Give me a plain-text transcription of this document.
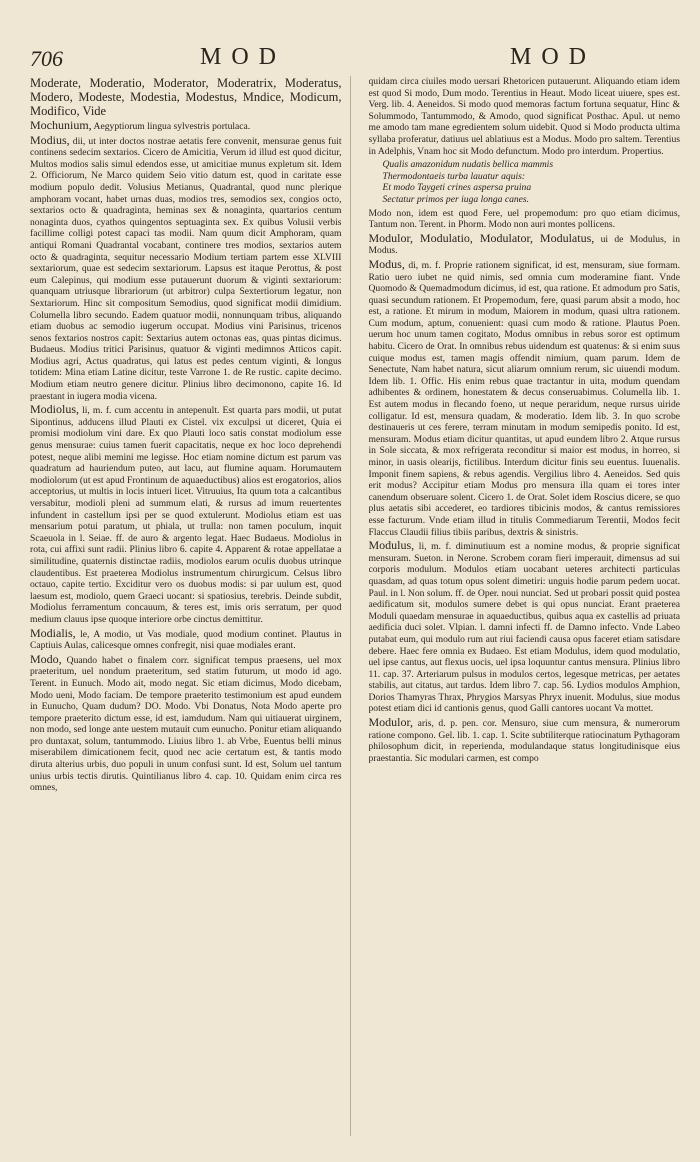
706	MOD	MOD

Moderate, Moderatio, Moderator, Moderatrix, Moderatus, Modero, Modeste, Modestia, Modestus, Mndice, Modicum, Modifico, Vide

Mochunium, Aegyptiorum lingua sylvestris portulaca.

Modius, dii, ut inter doctos nostrae aetatis fere convenit, mensurae genus fuit continens sedecim sextarios. Cicero de Amicitia, Verum id illud est quod dicitur, Multos modios salis simul edendos esse, ut amicitiae munus expletum sit. Idem 2. Officiorum, Ne Marco quidem Seio vitio datum est, quod in caritate esse modium populo dedit. Volusius Metianus, Quadrantal, quod nunc plerique amphoram vocant, habet urnas duas, modios tres, semodios sex, congios octo, sextarios octo & quadraginta, heminas sex & nonaginta, quartarios centum nonaginta duos, cyathos quingentos septuaginta sex. Ex quibus Volusii verbis facillime colligi potest capaci tas modii. Nam quum dicit Amphoram, quam antiqui Romani Quadrantal vocabant, continere tres modios, sextarios autem octo & quadraginta, sequitur necessario Modium tertiam partem esse XLVIII sextariorum, quae est sedecim sextariorum. Lapsus est itaque Perottus, & post eum Calepinus, qui modium esse putauerunt duorum & viginti sextariorum: quanquam utriusque librariorum (ut arbitror) culpa Sextertiorum legatur, non Sextariorum. Hinc sit compositum Semodius, quod significat modii dimidium. Columella libro secundo. Eadem quatuor modii, nonnunquam tribus, aliquando etiam duobus ac semodio iugerum occupat. Modius vini Parisinus, tricenos senos fextarios nostros capit: Sextarius autem octonas eas, quas pintas dicimus. Budaeus. Modius tritici Parisinus, quatuor & viginti medimnos Atticos capit. Modius agri, Actus quadratus, qui latus est pedes centum viginti, & longus totidem: Mina etiam Latine dicitur, teste Varrone 1. de Re rustic. capite decimo. Modium etiam neutro genere dicitur. Plinius libro decimonono, capite 16. Id praestant in iugera modia vicena.

Modiolus, li, m. f. cum accentu in antepenult. Est quarta pars modii, ut putat Sipontinus, adducens illud Plauti ex Cistel. vix exculpsi ut diceret, Quia ei promisi modiolum vini dare. Ex quo Plauti loco satis constat modiolum esse genus mensurae: cuius tamen fuerit capacitatis, neque ex hoc loco deprehendi potest, neque alibi memini me legisse. Hoc etiam nomine dictum est parum vas quadratum ad hauriendum puteo, aut lacu, aut flumine aquam. Horumautem modiolorum (ut est apud Frontinum de aquaeductibus) alios est erogatorios, alios acceptorius, ut multis in locis intueri licet. Vitruuius, Ita quum tota a calcantibus versabitur, modioli pleni ad summum elati, & rursus ad imum reuertentes infundent in castellum ipsi per se quod extulerunt. Modiolus etiam est uas mensarium potui paratum, ut phiala, ut trulla: non tamen poculum, inquit Scaeuola in l. Seiae. ff. de auro & argento legat. Haec Budaeus. Modiolus in rota, cui affixi sunt radii. Plinius libro 6. capite 4. Apparent & rotae appellatae a similitudine, quaternis distinctae radiis, modiolos earum oculis duobus utrinque claudentibus. Est praeterea Modiolus instrumentum chirurgicum. Celsus libro octauo, capite tertio. Exciditur vero os duobus modis: si par uulum est, quod laesum est, modiolo, quem Graeci uocant: si spatiosius, terebris. Deinde subdit, Modiolus ferramentum concauum, & teres est, imis oris serratum, per quod medium clauus ipse quoque interiore orbe cinctus demittitur.

Modialis, le, A modio, ut Vas modiale, quod modium continet. Plautus in Captiuis Aulas, calicesque omnes confregit, nisi quae modiales erant.

Modo, Quando habet o finalem corr. significat tempus praesens, uel mox praeteritum, uel nondum praeteritum, sed statim futurum, ut modo id ago. Terent. in Eunuch. Modo ait, modo negat. Sic etiam dicimus, Modo dicebam, Modo ueni, Modo faciam. De tempore praeterito testimonium est apud eundem in Eunucho, Quam dudum? DO. Modo. Vbi Donatus, Nota Modo aperte pro tempore praeterito dictum esse, id est, iamdudum. Nam qui uitiauerat uirginem, non modo, sed longe ante uestem mutauit cum eunucho. Ponitur etiam aliquando pro duntaxat, solum, tantummodo. Liuius libro 1. ab Vrbe, Euentus belli minus miserabilem dimicationem fecit, quod nec acie certatum est, & tantis modo diruta alterius urbis, duo populi in unum confusi sunt. Id est, Solum uel tantum unius urbis tectis dirutis. Quintilianus libro 4. cap. 10. Quidam enim circa res omnes,

quidam circa ciuiles modo uersari Rhetoricen putauerunt. Aliquando etiam idem est quod Si modo, Dum modo. Terentius in Heaut. Modo liceat uiuere, spes est. Verg. lib. 4. Aeneidos. Si modo quod memoras factum fortuna sequatur, Hinc & Solummodo, Tantummodo, & Amodo, quod significat Posthac. Apul. ut nemo me amodo tam mane egredientem solum uidebit. Quod si Modo producta ultima syllaba proferatur, datiuus uel ablatiuus est a Modus. Modo pro saltem. Terentius in Adelphis, Vnam hoc sit Modo defunctum. Modo pro interdum. Propertius.

Qualis amazonidum nudatis bellica mammis
Thermodontaeis turba lauatur aquis:
Et modo Taygeti crines aspersa pruina
Sectatur primos per iuga longa canes.

Modo non, idem est quod Fere, uel propemodum: pro quo etiam dicimus, Tantum non. Terent. in Phorm. Modo non auri montes pollicens.

Modulor, Modulatio, Modulator, Modulatus, ui de Modulus, in Modus.

Modus, di, m. f. Proprie rationem significat, id est, mensuram, siue formam. Ratio uero iubet ne quid nimis, sed omnia cum moderamine fiant. Vnde Quomodo & Quemadmodum dicimus, id est, qua ratione. Et admodum pro Satis, quasi secundum rationem. Et Propemodum, fere, quasi parum absit a modo, hoc est, a ratione. Et mirum in modum, Maiorem in modum, quasi ultra rationem. Cum modum, aptum, conuenient: quasi cum modo & ratione. Plautus Poen. uerum hoc unum tamen cogitato, Modus omnibus in rebus soror est optimum habitu. Cicero de Orat. In omnibus rebus uidendum est quatenus: & si enim suus cuique modus est, tamen magis offendit nimium, quam parum. Idem de Senectute, Nam habet natura, sicut aliarum omnium rerum, sic uiuendi modum. Idem lib. 1. Offic. His enim rebus quae tractantur in uita, modum quendam adhibentes & ordinem, honestatem & decus conseruabimus. Columella lib. 1. Est autem modus in flecando foeno, ut neque peraridum, neque rursus uiride colligatur. Id est, mensura quadam, & moderatio. Idem lib. 3. In quo scrobe destinaueris ut ces ferere, terram minutam in modum semipedis ponito. Id est, mensuram. Modus etiam dicitur quantitas, ut apud eundem libro 2. Atque rursus in Sole siccata, & mox refrigerata reconditur si maior est modus, in horreo, si minor, in uasis olearijs, fictilibus. Interdum dicitur finis seu euentus. Iuuenalis. Imponit finem sapiens, & rebus agendis. Vergilius libro 4. Aeneidos. Sed quis erit modus? Accipitur etiam Modus pro mensura illa quam ei tores inter canendum obseruare solent. Cicero 1. de Orat. Solet idem Roscius dicere, se quo plus aetatis sibi accederet, eo tardiores tibicinis modos, & cantus remissiores esse facturum. Vnde etiam illud in titulis Commediarum Terentii, Modos fecit Flaccus Claudii filius tibiis paribus, dextris & sinistris.

Modulus, li, m. f. diminutiuum est a nomine modus, & proprie significat mensuram. Sueton. in Nerone. Scrobem coram fieri imperauit, dimensus ad sui corporis modulum. Modulos etiam uocabant ueteres architecti particulas quasdam, ad quas totum opus solent dimetiri: unguis hodie parum pedem uocat. Paul. in l. Non solum. ff. de Oper. noui nunciat. Sed ut probari possit quid postea aedificatum sit, modulos sumere debet is qui opus nunciat. Erant praeterea Moduli quaedam mensurae in aquaeductibus, quibus aqua ex castellis ad priuata aedificia duci solet. Vlpian. l. damni infecti ff. de Damno infecto. Vnde Labeo putabat eum, qui modulo rum aut riui faciendi causa opus faceret etiam satisdare debere. Haec fere omnia ex Budaeo. Est etiam Modulus, idem quod modulatio, uel ipse cantus, aut flexus uocis, uel ipsa loquuntur cantus mensura. Plinius libro 11. cap. 37. Arteriarum pulsus in modulos certos, legesque metricas, per aetates stabilis, aut citatus, aut tardus. Idem libro 7. cap. 56. Lydios modulos Amphion, Dorios Thamyras Thrax, Phrygios Marsyas Phryx inuenit. Modulus, siue modus potest etiam dici id cantionis genus, quod Galli cantores uocant Va mottet.

Modulor, aris, d. p. pen. cor. Mensuro, siue cum mensura, & numerorum ratione compono. Gel. lib. 1. cap. 1. Scite subtiliterque ratiocinatum Pythagoram philosophum dicit, in reperienda, modulandaque status longitudinisque eius praestantia. Sic modulari carmen, est compo
